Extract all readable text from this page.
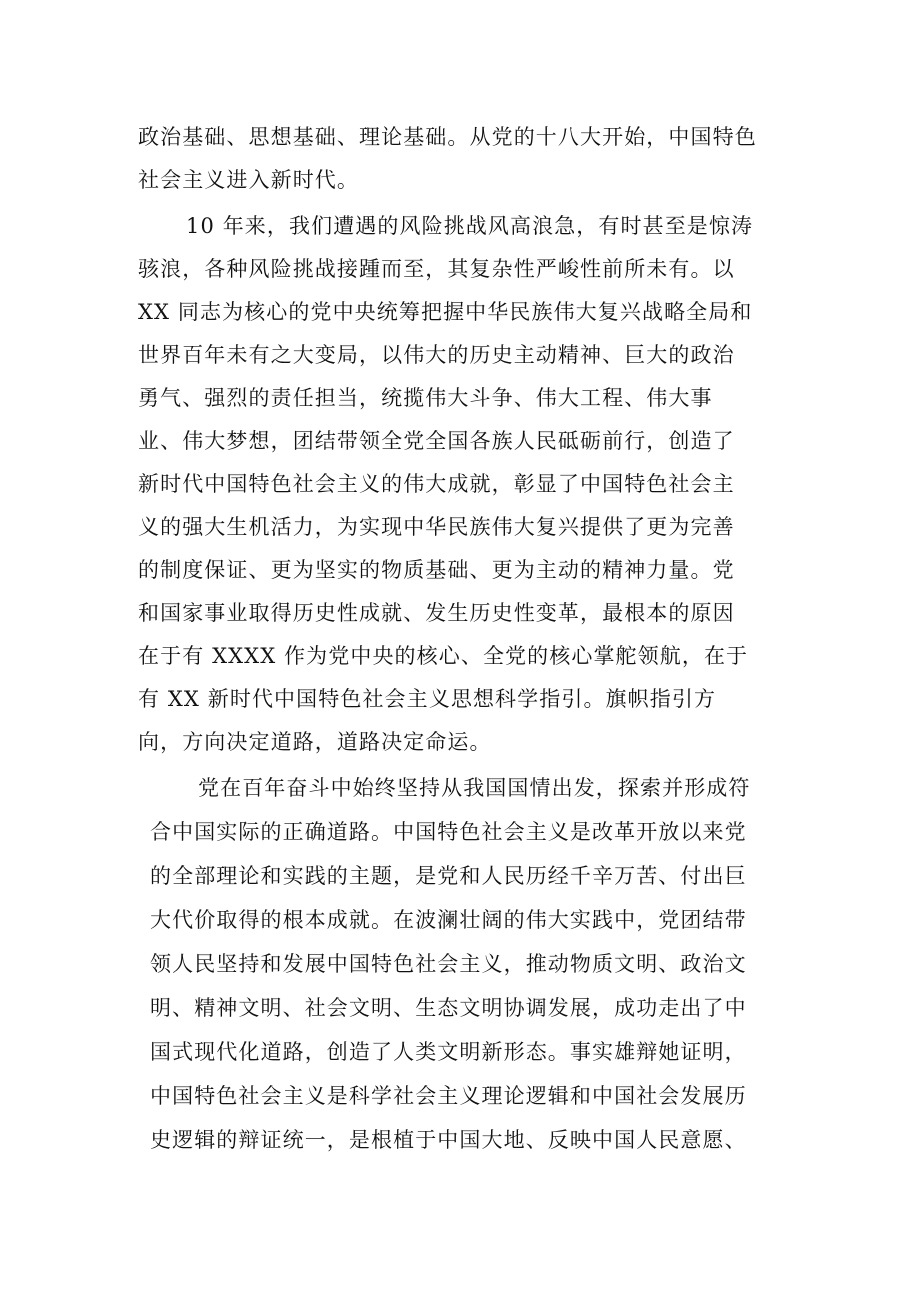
政治基础、思想基础、理论基础。从党的十八大开始，中国特色
社会主义进入新时代。
10 年来，我们遭遇的风险挑战风高浪急，有时甚至是惊涛
骇浪，各种风险挑战接踵而至，其复杂性严峻性前所未有。以
XX 同志为核心的党中央统筹把握中华民族伟大复兴战略全局和
世界百年未有之大变局，以伟大的历史主动精神、巨大的政治
勇气、强烈的责任担当，统揽伟大斗争、伟大工程、伟大事
业、伟大梦想，团结带领全党全国各族人民砥砺前行，创造了
新时代中国特色社会主义的伟大成就，彰显了中国特色社会主
义的强大生机活力，为实现中华民族伟大复兴提供了更为完善
的制度保证、更为坚实的物质基础、更为主动的精神力量。党
和国家事业取得历史性成就、发生历史性变革，最根本的原因
在于有 XXXX 作为党中央的核心、全党的核心掌舵领航，在于
有 XX 新时代中国特色社会主义思想科学指引。旗帜指引方
向，方向决定道路，道路决定命运。
党在百年奋斗中始终坚持从我国国情出发，探索并形成符
合中国实际的正确道路。中国特色社会主义是改革开放以来党
的全部理论和实践的主题，是党和人民历经千辛万苦、付出巨
大代价取得的根本成就。在波澜壮阔的伟大实践中，党团结带
领人民坚持和发展中国特色社会主义，推动物质文明、政治文
明、精神文明、社会文明、生态文明协调发展，成功走出了中
国式现代化道路，创造了人类文明新形态。事实雄辩她证明，
中国特色社会主义是科学社会主义理论逻辑和中国社会发展历
史逻辑的辩证统一，是根植于中国大地、反映中国人民意愿、
